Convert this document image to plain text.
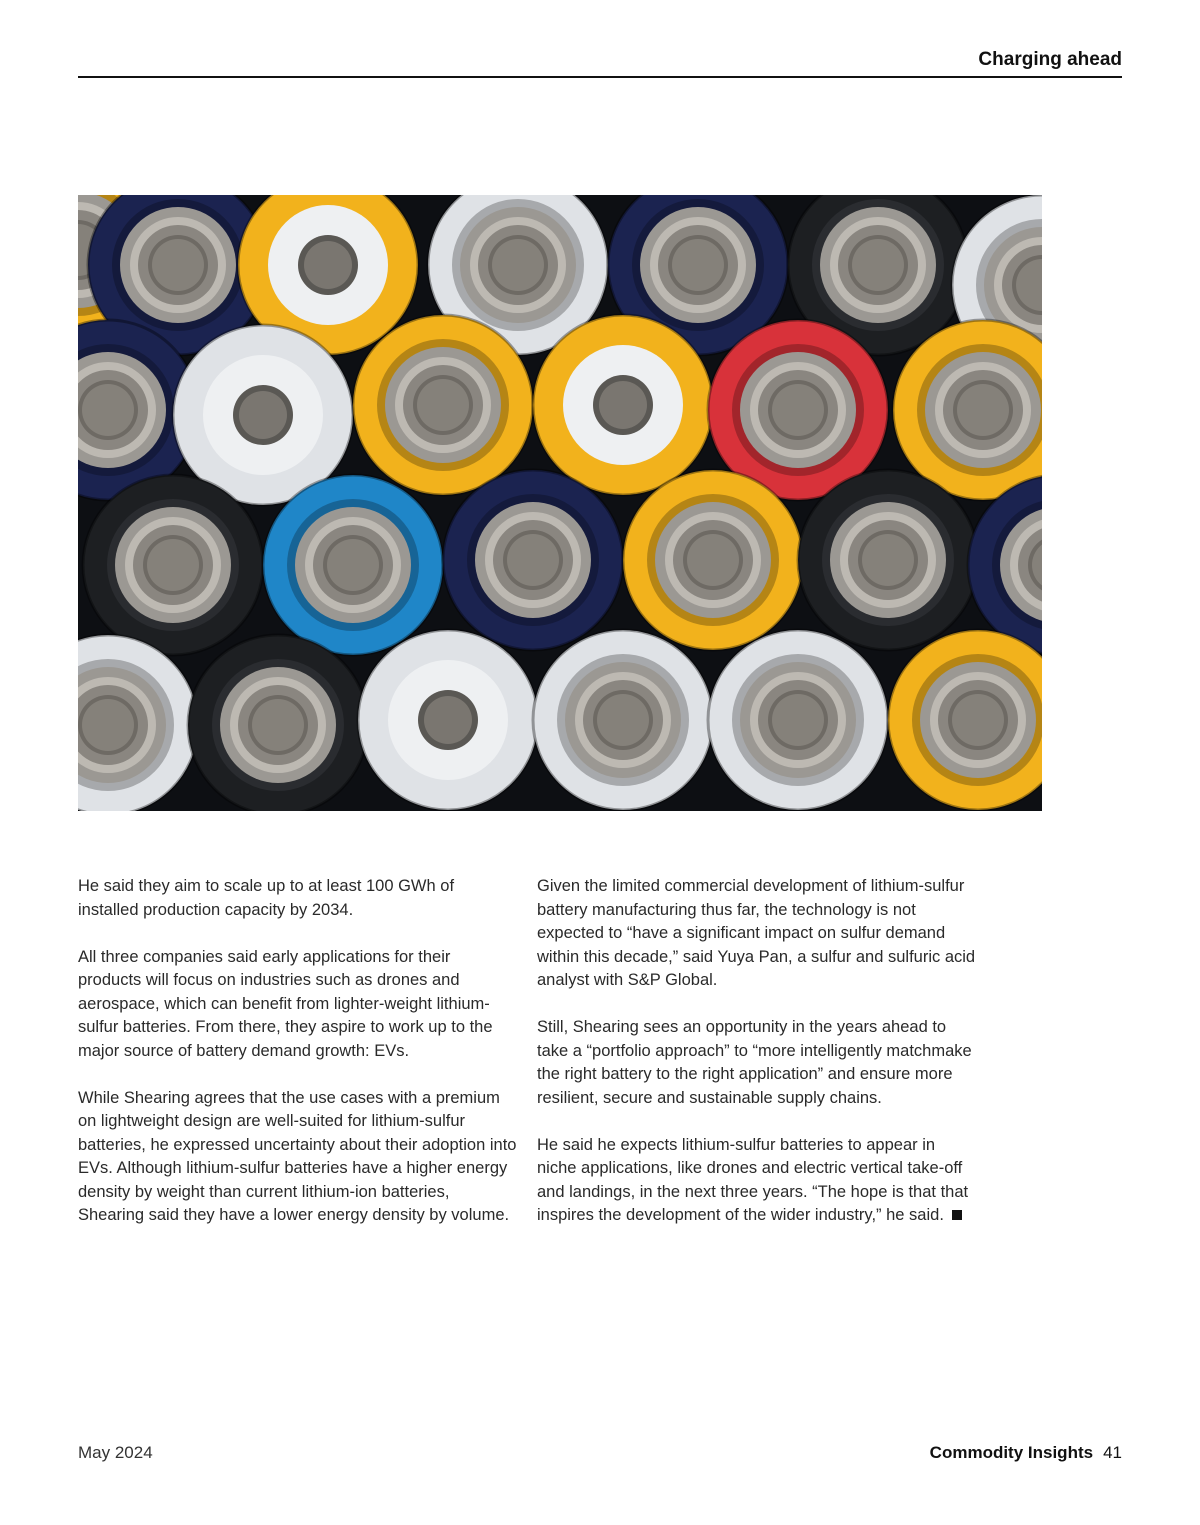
Charging ahead

He said they aim to scale up to at least 100 GWh of installed production capacity by 2034.

All three companies said early applications for their products will focus on industries such as drones and aerospace, which can benefit from lighter-weight lithium-sulfur batteries. From there, they aspire to work up to the major source of battery demand growth: EVs.

While Shearing agrees that the use cases with a premium on lightweight design are well-suited for lithium-sulfur batteries, he expressed uncertainty about their adoption into EVs. Although lithium-sulfur batteries have a higher energy density by weight than current lithium-ion batteries, Shearing said they have a lower energy density by volume.

Given the limited commercial development of lithium-sulfur battery manufacturing thus far, the technology is not expected to “have a significant impact on sulfur demand within this decade,” said Yuya Pan, a sulfur and sulfuric acid analyst with S&P Global.

Still, Shearing sees an opportunity in the years ahead to take a “portfolio approach” to “more intelligently matchmake the right battery to the right application” and ensure more resilient, secure and sustainable supply chains.

He said he expects lithium-sulfur batteries to appear in niche applications, like drones and electric vertical take-off and landings, in the next three years. “The hope is that that inspires the development of the wider industry,” he said.

May 2024	Commodity Insights 41
